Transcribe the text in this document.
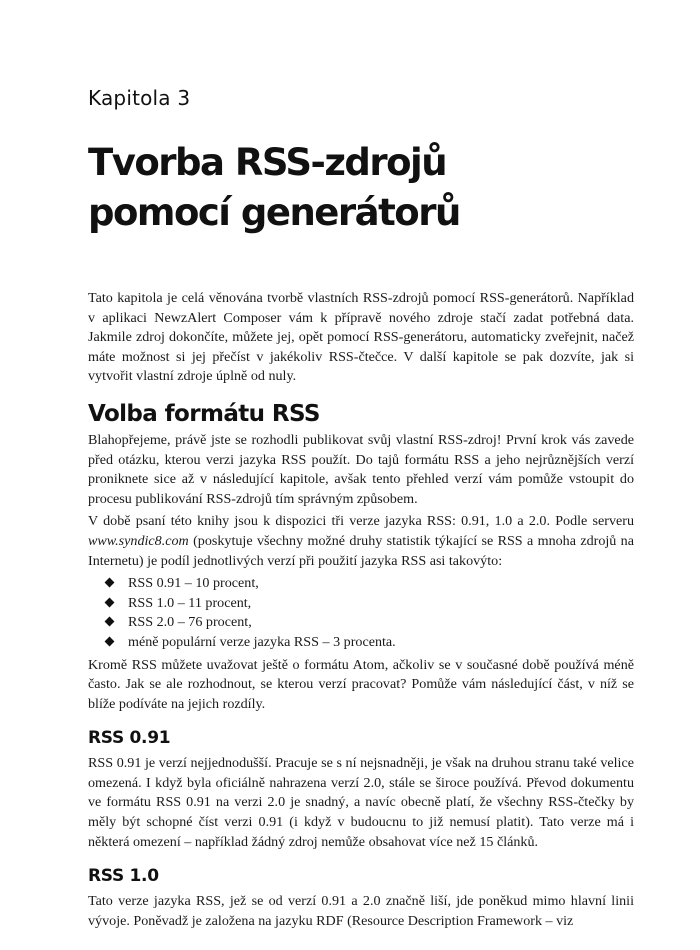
Kapitola 3
Tvorba RSS-zdrojů
pomocí generátorů

Tato kapitola je celá věnována tvorbě vlastních RSS-zdrojů pomocí RSS-generátorů. Například v aplikaci NewzAlert Composer vám k přípravě nového zdroje stačí zadat potřebná data. Jakmile zdroj dokončíte, můžete jej, opět pomocí RSS-generátoru, automaticky zveřejnit, načež máte možnost si jej přečíst v jakékoliv RSS-čtečce. V další kapitole se pak dozvíte, jak si vytvořit vlastní zdroje úplně od nuly.

Volba formátu RSS

Blahopřejeme, právě jste se rozhodli publikovat svůj vlastní RSS-zdroj! První krok vás zavede před otázku, kterou verzi jazyka RSS použít. Do tajů formátu RSS a jeho nejrůznějších verzí proniknete sice až v následující kapitole, avšak tento přehled verzí vám pomůže vstoupit do procesu publikování RSS-zdrojů tím správným způsobem.

V době psaní této knihy jsou k dispozici tři verze jazyka RSS: 0.91, 1.0 a 2.0. Podle serveru www.syndic8.com (poskytuje všechny možné druhy statistik týkající se RSS a mnoha zdrojů na Internetu) je podíl jednotlivých verzí při použití jazyka RSS asi takovýto:

RSS 0.91 – 10 procent,
RSS 1.0 – 11 procent,
RSS 2.0 – 76 procent,
méně populární verze jazyka RSS – 3 procenta.

Kromě RSS můžete uvažovat ještě o formátu Atom, ačkoliv se v současné době používá méně často. Jak se ale rozhodnout, se kterou verzí pracovat? Pomůže vám následující část, v níž se blíže podíváte na jejich rozdíly.

RSS 0.91

RSS 0.91 je verzí nejjednodušší. Pracuje se s ní nejsnadněji, je však na druhou stranu také velice omezená. I když byla oficiálně nahrazena verzí 2.0, stále se široce používá. Převod dokumentu ve formátu RSS 0.91 na verzi 2.0 je snadný, a navíc obecně platí, že všechny RSS-čtečky by měly být schopné číst verzi 0.91 (i když v budoucnu to již nemusí platit). Tato verze má i některá omezení – například žádný zdroj nemůže obsahovat více než 15 článků.

RSS 1.0

Tato verze jazyka RSS, jež se od verzí 0.91 a 2.0 značně liší, jde poněkud mimo hlavní linii vývoje. Poněvadž je založena na jazyku RDF (Resource Description Framework – viz
